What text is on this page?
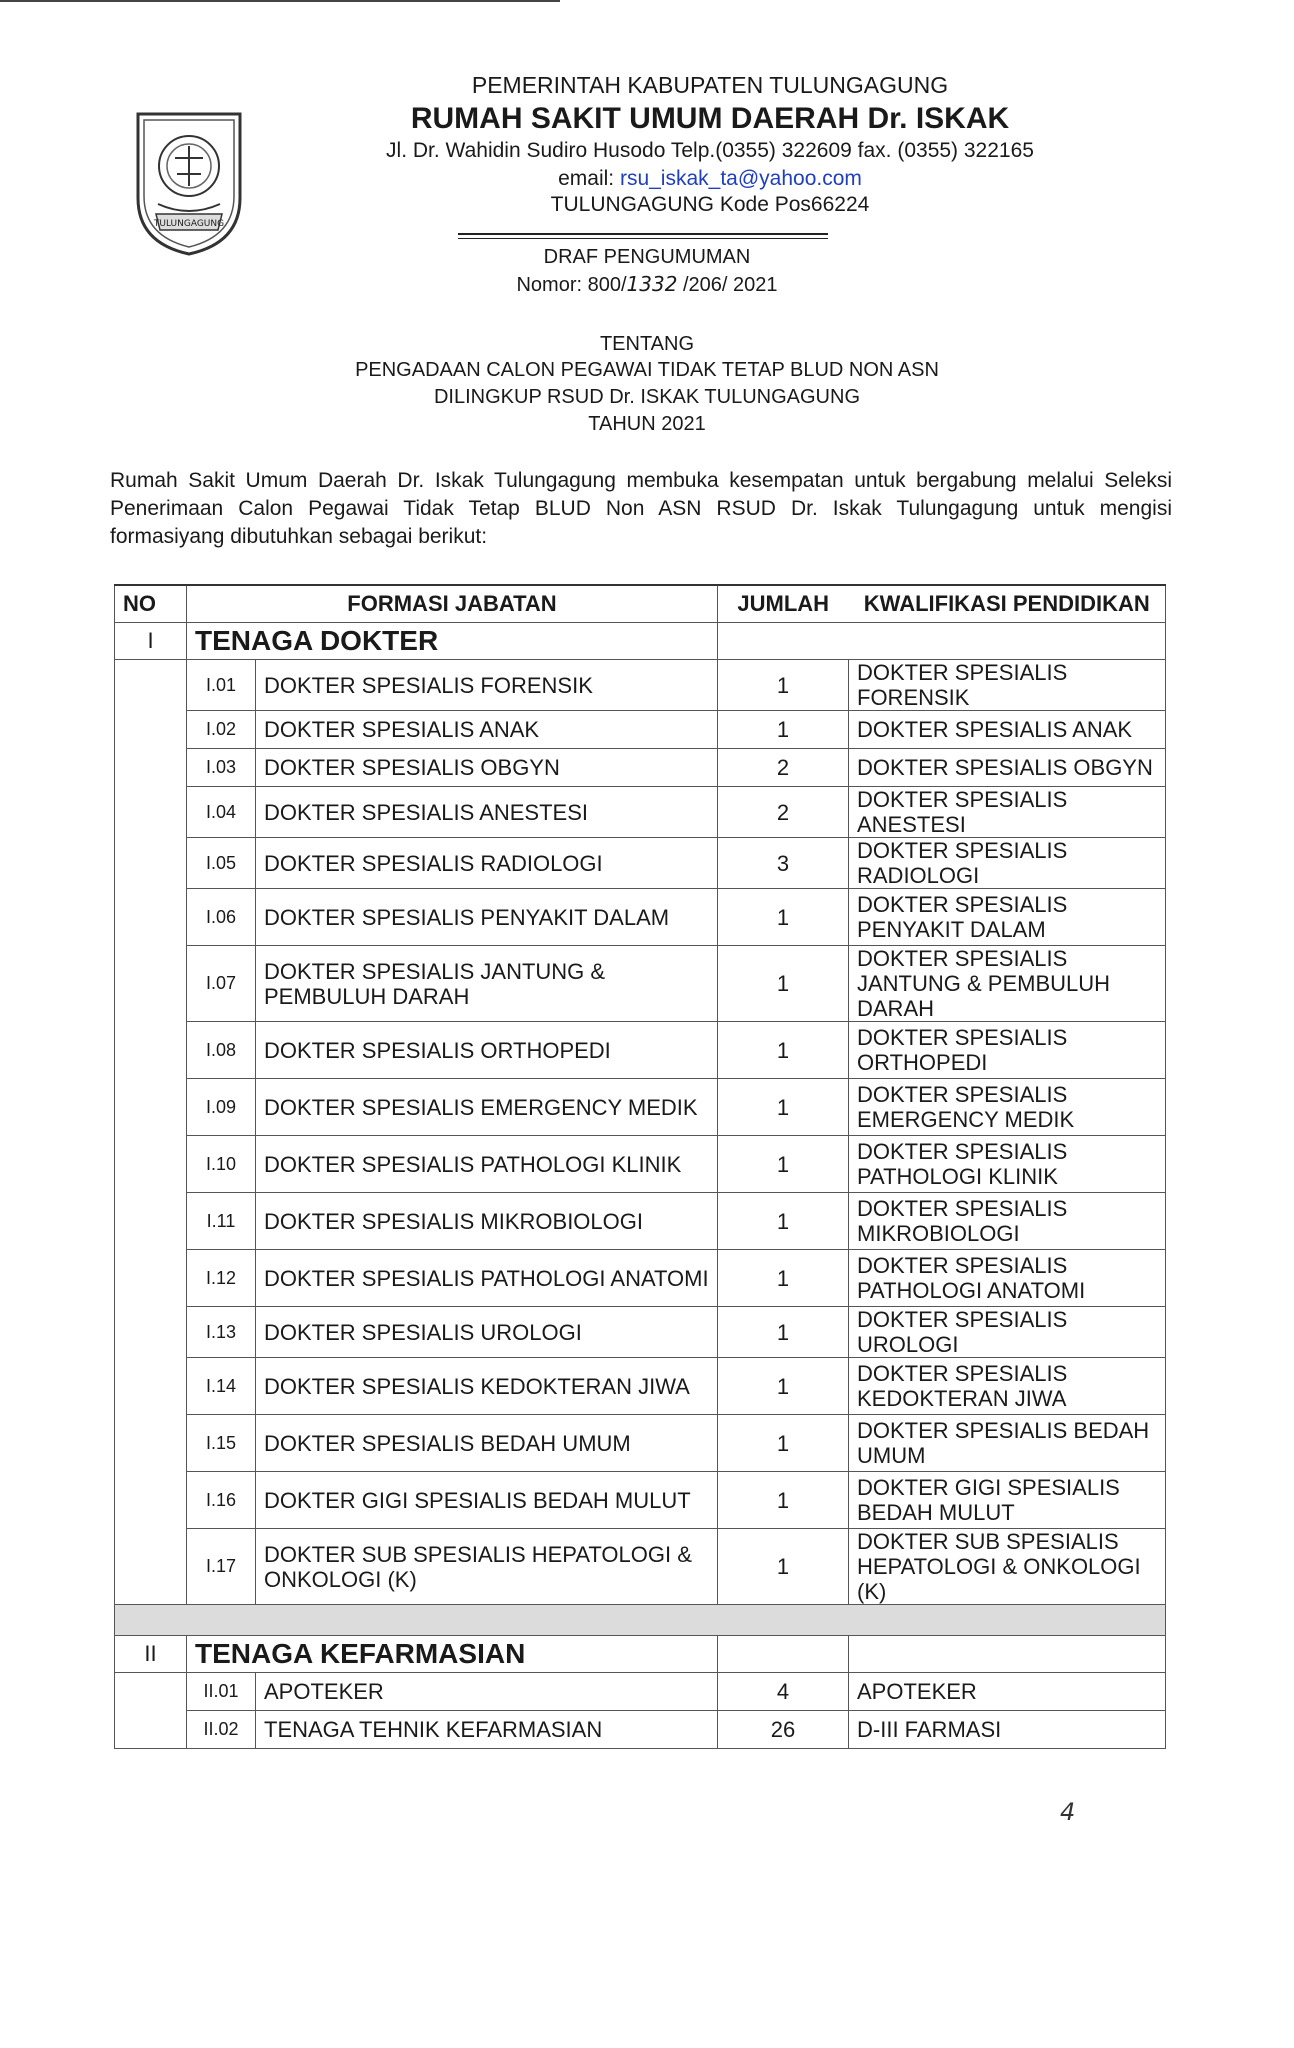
TULUNGAGUNG
PEMERINTAH KABUPATEN TULUNGAGUNG
RUMAH SAKIT UMUM DAERAH Dr. ISKAK
Jl. Dr. Wahidin Sudiro Husodo Telp.(0355) 322609 fax. (0355) 322165
email: rsu_iskak_ta@yahoo.com
TULUNGAGUNG Kode Pos66224
DRAF PENGUMUMAN
Nomor: 800/1332 /206/ 2021
TENTANG
PENGADAAN CALON PEGAWAI TIDAK TETAP BLUD NON ASN
DILINGKUP RSUD Dr. ISKAK TULUNGAGUNG
TAHUN 2021
Rumah Sakit Umum Daerah Dr. Iskak Tulungagung membuka kesempatan untuk bergabung melalui Seleksi Penerimaan Calon Pegawai Tidak Tetap BLUD Non ASN RSUD Dr. Iskak Tulungagung untuk mengisi formasiyang dibutuhkan sebagai berikut:
NO	FORMASI JABATAN		JUMLAH	KWALIFIKASI PENDIDIKAN
I	TENAGA DOKTER			
	I.01	DOKTER SPESIALIS FORENSIK	1	DOKTER SPESIALIS FORENSIK
	I.02	DOKTER SPESIALIS ANAK	1	DOKTER SPESIALIS ANAK
	I.03	DOKTER SPESIALIS OBGYN	2	DOKTER SPESIALIS OBGYN
	I.04	DOKTER SPESIALIS ANESTESI	2	DOKTER SPESIALIS ANESTESI
	I.05	DOKTER SPESIALIS RADIOLOGI	3	DOKTER SPESIALIS RADIOLOGI
	I.06	DOKTER SPESIALIS PENYAKIT DALAM	1	DOKTER SPESIALIS PENYAKIT DALAM
	I.07	DOKTER SPESIALIS JANTUNG & PEMBULUH DARAH	1	DOKTER SPESIALIS JANTUNG & PEMBULUH DARAH
	I.08	DOKTER SPESIALIS ORTHOPEDI	1	DOKTER SPESIALIS ORTHOPEDI
	I.09	DOKTER SPESIALIS EMERGENCY MEDIK	1	DOKTER SPESIALIS EMERGENCY MEDIK
	I.10	DOKTER SPESIALIS PATHOLOGI KLINIK	1	DOKTER SPESIALIS PATHOLOGI KLINIK
	I.11	DOKTER SPESIALIS MIKROBIOLOGI	1	DOKTER SPESIALIS MIKROBIOLOGI
	I.12	DOKTER SPESIALIS PATHOLOGI ANATOMI	1	DOKTER SPESIALIS PATHOLOGI ANATOMI
	I.13	DOKTER SPESIALIS UROLOGI	1	DOKTER SPESIALIS UROLOGI
	I.14	DOKTER SPESIALIS KEDOKTERAN JIWA	1	DOKTER SPESIALIS KEDOKTERAN JIWA
	I.15	DOKTER SPESIALIS BEDAH UMUM	1	DOKTER SPESIALIS BEDAH UMUM
	I.16	DOKTER GIGI SPESIALIS BEDAH MULUT	1	DOKTER GIGI SPESIALIS BEDAH MULUT
	I.17	DOKTER SUB SPESIALIS HEPATOLOGI & ONKOLOGI (K)	1	DOKTER SUB SPESIALIS HEPATOLOGI & ONKOLOGI (K)

II	TENAGA KEFARMASIAN			
	II.01	APOTEKER	4	APOTEKER
	II.02	TENAGA TEHNIK KEFARMASIAN	26	D-III FARMASI
4
